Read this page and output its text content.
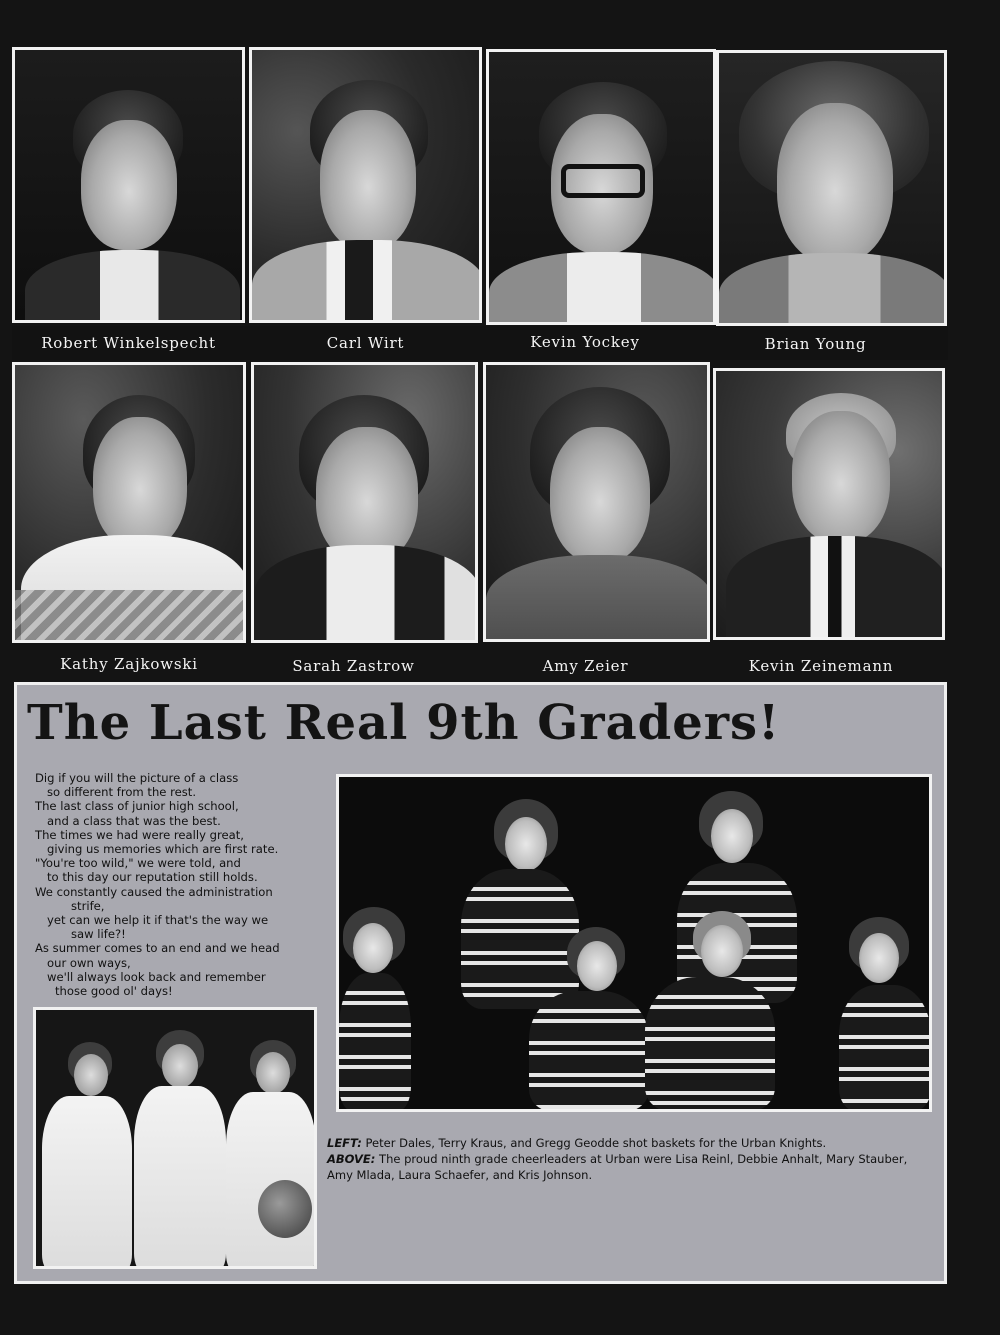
Robert Winkelspecht	Carl Wirt	Kevin Yockey	Brian Young
Kathy Zajkowski	Sarah Zastrow	Amy Zeier	Kevin Zeinemann
The Last Real 9th Graders!
Dig if you will the picture of a class
so different from the rest.
The last class of junior high school,
and a class that was the best.
The times we had were really great,
giving us memories which are first rate.
"You're too wild," we were told, and
to this day our reputation still holds.
We constantly caused the administration
strife,
yet can we help it if that's the way we
saw life?!
As summer comes to an end and we head
our own ways,
we'll always look back and remember
those good ol' days!
LEFT: Peter Dales, Terry Kraus, and Gregg Geodde shot baskets for the Urban Knights.
ABOVE: The proud ninth grade cheerleaders at Urban were Lisa Reinl, Debbie Anhalt, Mary Stauber, Amy Mlada, Laura Schaefer, and Kris Johnson.
